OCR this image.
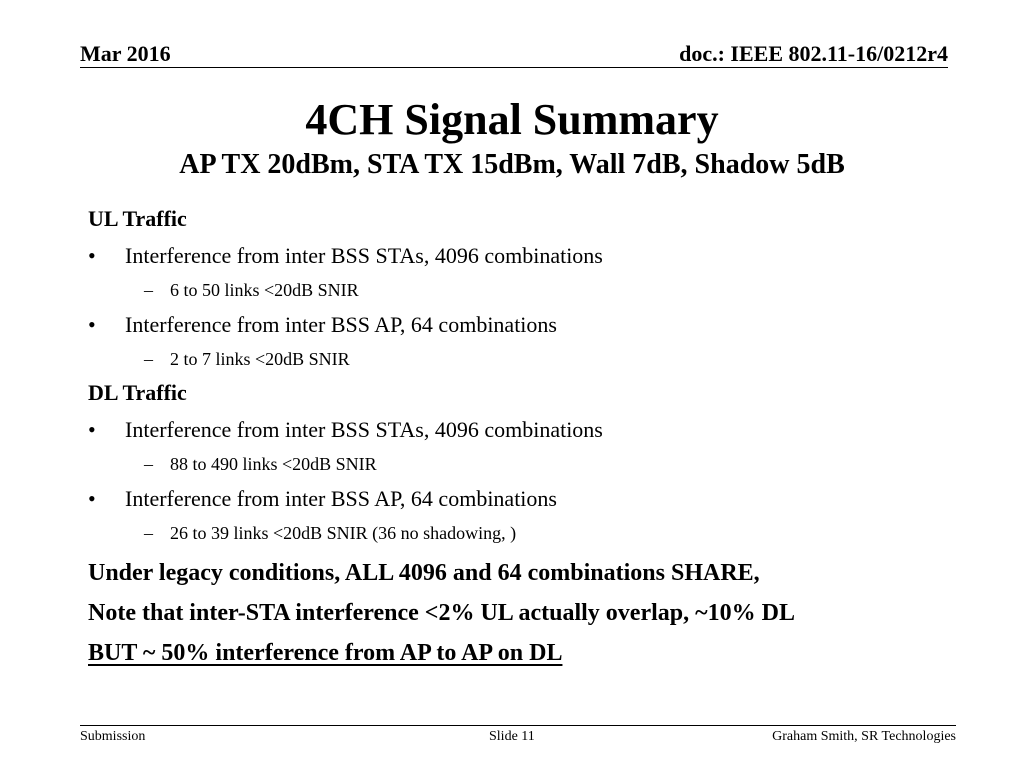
Mar 2016	doc.: IEEE 802.11-16/0212r4
4CH Signal Summary
AP TX 20dBm, STA TX 15dBm, Wall 7dB, Shadow 5dB
UL Traffic
• Interference from inter BSS STAs, 4096 combinations
– 6 to 50 links <20dB SNIR
• Interference from inter BSS AP, 64 combinations
– 2 to 7 links <20dB SNIR
DL Traffic
• Interference from inter BSS STAs, 4096 combinations
– 88 to 490 links <20dB SNIR
• Interference from inter BSS AP, 64 combinations
– 26 to 39 links <20dB SNIR (36 no shadowing, )
Under legacy conditions, ALL 4096 and 64 combinations SHARE,
Note that inter-STA interference <2% UL actually overlap, ~10% DL
BUT ~ 50% interference from AP to AP on DL
Submission	Slide 11	Graham Smith, SR Technologies
